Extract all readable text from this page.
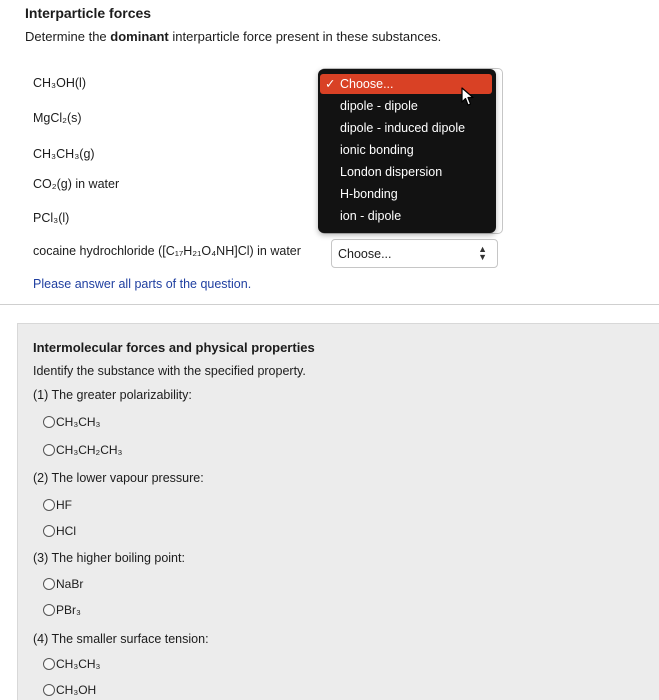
Interparticle forces
Determine the dominant interparticle force present in these substances.
CH₃OH(l)
MgCl₂(s)
CH₃CH₃(g)
CO₂(g) in water
PCl₃(l)
cocaine hydrochloride ([C₁₇H₂₁O₄NH]Cl) in water	Choose...	▲
▼
✓ Choose...
dipole - dipole
dipole - induced dipole
ionic bonding
London dispersion
H-bonding
ion - dipole
Please answer all parts of the question.
Intermolecular forces and physical properties
Identify the substance with the specified property.
(1) The greater polarizability:
CH₃CH₃
CH₃CH₂CH₃
(2) The lower vapour pressure:
HF
HCl
(3) The higher boiling point:
NaBr
PBr₃
(4) The smaller surface tension:
CH₃CH₃
CH₃OH
